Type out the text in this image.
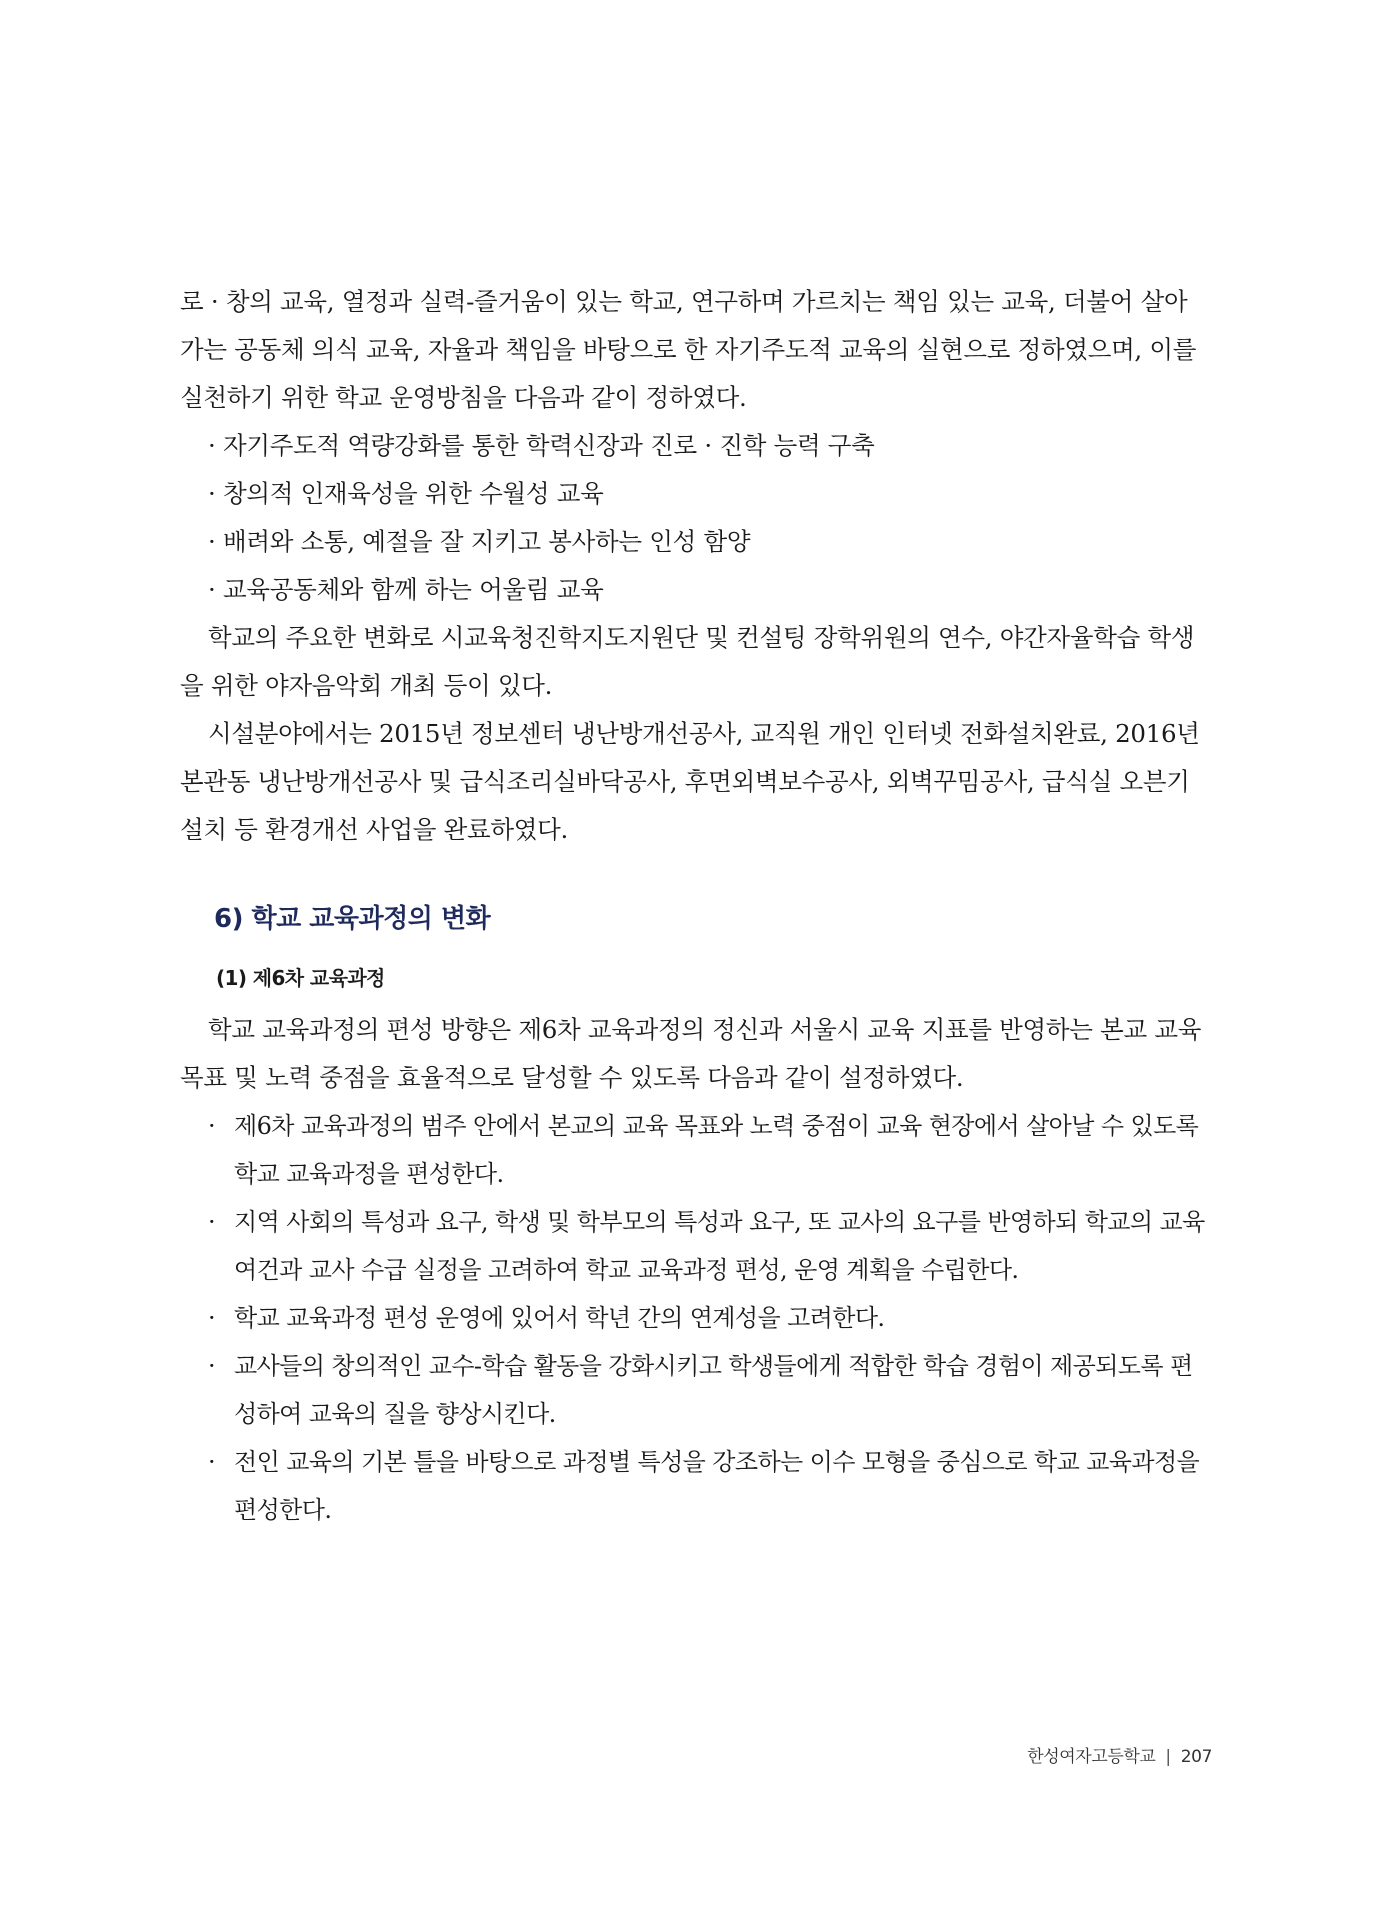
로 · 창의 교육, 열정과 실력-즐거움이 있는 학교, 연구하며 가르치는 책임 있는 교육, 더불어 살아가는 공동체 의식 교육, 자율과 책임을 바탕으로 한 자기주도적 교육의 실현으로 정하였으며, 이를 실천하기 위한 학교 운영방침을 다음과 같이 정하였다.

· 자기주도적 역량강화를 통한 학력신장과 진로 · 진학 능력 구축
· 창의적 인재육성을 위한 수월성 교육
· 배려와 소통, 예절을 잘 지키고 봉사하는 인성 함양
· 교육공동체와 함께 하는 어울림 교육

학교의 주요한 변화로 시교육청진학지도지원단 및 컨설팅 장학위원의 연수, 야간자율학습 학생을 위한 야자음악회 개최 등이 있다.

시설분야에서는 2015년 정보센터 냉난방개선공사, 교직원 개인 인터넷 전화설치완료, 2016년 본관동 냉난방개선공사 및 급식조리실바닥공사, 후면외벽보수공사, 외벽꾸밈공사, 급식실 오븐기설치 등 환경개선 사업을 완료하였다.

6) 학교 교육과정의 변화
(1) 제6차 교육과정

학교 교육과정의 편성 방향은 제6차 교육과정의 정신과 서울시 교육 지표를 반영하는 본교 교육 목표 및 노력 중점을 효율적으로 달성할 수 있도록 다음과 같이 설정하였다.

· 제6차 교육과정의 범주 안에서 본교의 교육 목표와 노력 중점이 교육 현장에서 살아날 수 있도록 학교 교육과정을 편성한다.
· 지역 사회의 특성과 요구, 학생 및 학부모의 특성과 요구, 또 교사의 요구를 반영하되 학교의 교육 여건과 교사 수급 실정을 고려하여 학교 교육과정 편성, 운영 계획을 수립한다.
· 학교 교육과정 편성 운영에 있어서 학년 간의 연계성을 고려한다.
· 교사들의 창의적인 교수-학습 활동을 강화시키고 학생들에게 적합한 학습 경험이 제공되도록 편성하여 교육의 질을 향상시킨다.
· 전인 교육의 기본 틀을 바탕으로 과정별 특성을 강조하는 이수 모형을 중심으로 학교 교육과정을 편성한다.
한성여자고등학교 | 207
